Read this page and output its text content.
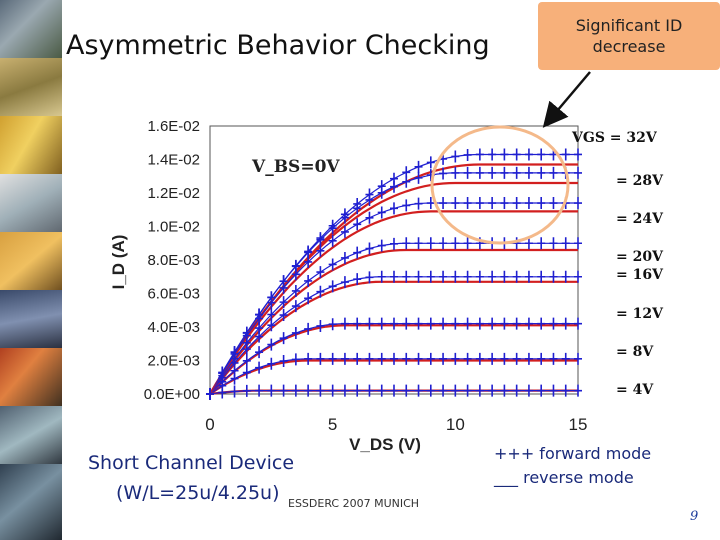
Asymmetric Behavior Checking
Significant ID
decrease
0.0E+00
2.0E-03
4.0E-03
6.0E-03
8.0E-03
1.0E-02
1.2E-02
1.4E-02
1.6E-02
0	5	10	15
I_D (A)
V_DS (V)
V_BS=0V
VGS = 32V
= 28V
= 24V
= 20V
= 16V
= 12V
= 8V
= 4V
Short Channel Device
(W/L=25u/4.25u) ESSDERC 2007 MUNICH
+++ forward mode
___ reverse mode
9
